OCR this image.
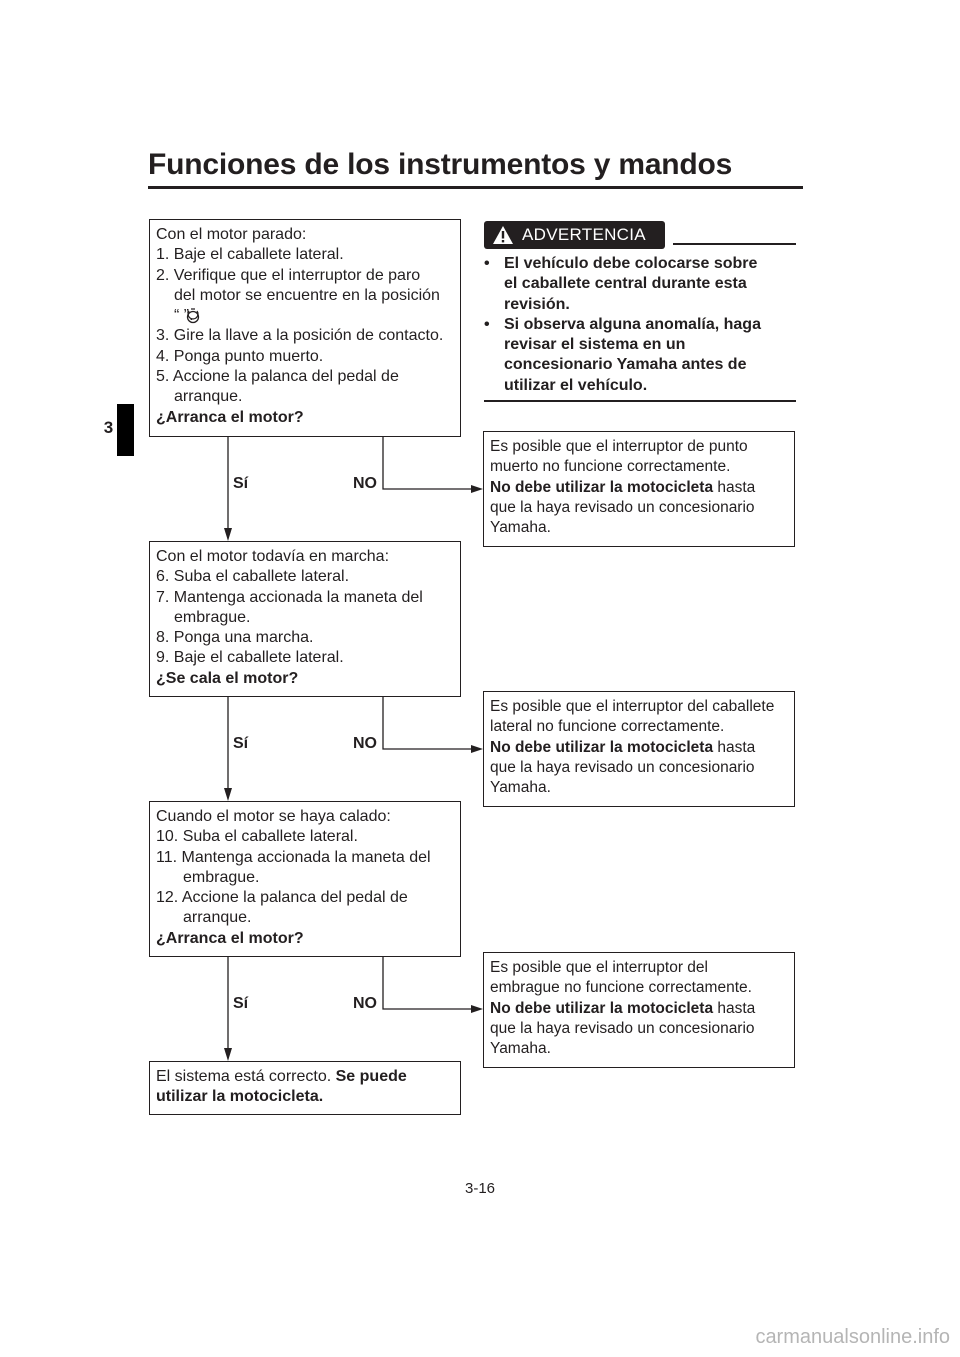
Funciones de los instrumentos y mandos
3
Con el motor parado:
1. Baje el caballete lateral.
2. Verifique que el interruptor de paro
del motor se encuentre en la posición
“ ”.
3. Gire la llave a la posición de contacto.
4. Ponga punto muerto.
5. Accione la palanca del pedal de
arranque.
¿Arranca el motor?
Con el motor todavía en marcha:
6. Suba el caballete lateral.
7. Mantenga accionada la maneta del
embrague.
8. Ponga una marcha.
9. Baje el caballete lateral.
¿Se cala el motor?
Cuando el motor se haya calado:
10. Suba el caballete lateral.
11. Mantenga accionada la maneta del
embrague.
12. Accione la palanca del pedal de
arranque.
¿Arranca el motor?
El sistema está correcto. Se puede
utilizar la motocicleta.
ADVERTENCIA
• El vehículo debe colocarse sobre
el caballete central durante esta
revisión.
• Si observa alguna anomalía, haga
revisar el sistema en un
concesionario Yamaha antes de
utilizar el vehículo.
Es posible que el interruptor de punto
muerto no funcione correctamente.
No debe utilizar la motocicleta hasta
que la haya revisado un concesionario
Yamaha.
Es posible que el interruptor del caballete
lateral no funcione correctamente.
No debe utilizar la motocicleta hasta
que la haya revisado un concesionario
Yamaha.
Es posible que el interruptor del
embrague no funcione correctamente.
No debe utilizar la motocicleta hasta
que la haya revisado un concesionario
Yamaha.
Sí	NO
Sí	NO
Sí	NO
3-16
carmanualsonline.info
